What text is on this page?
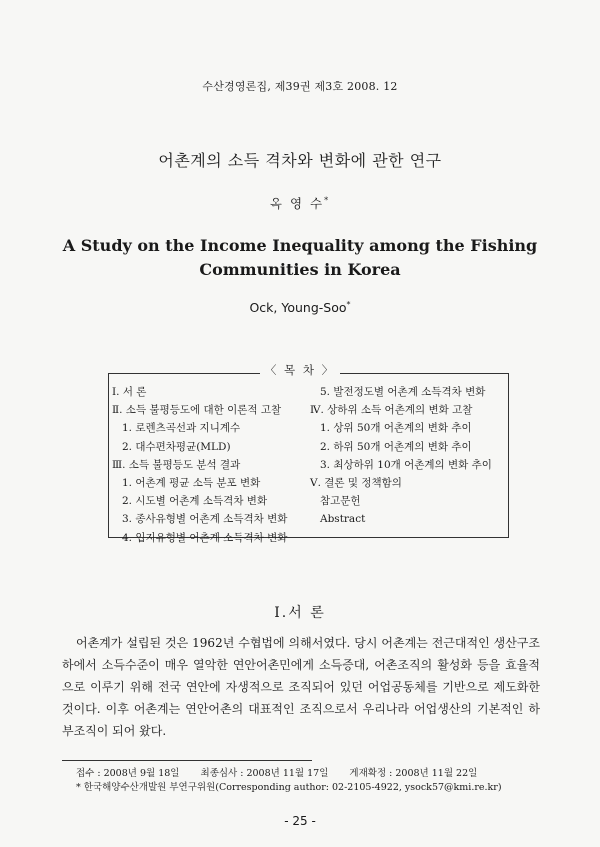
수산경영론집, 제39권 제3호 2008. 12
어촌계의 소득 격차와 변화에 관한 연구
옥 영 수*
A Study on the Income Inequality among the Fishing
Communities in Korea
Ock, Young-Soo*
〈 목 차 〉
Ⅰ. 서 론
Ⅱ. 소득 불평등도에 대한 이론적 고찰
1. 로렌츠곡선과 지니계수
2. 대수편차평균(MLD)
Ⅲ. 소득 불평등도 분석 결과
1. 어촌계 평균 소득 분포 변화
2. 시도별 어촌계 소득격차 변화
3. 종사유형별 어촌계 소득격차 변화
4. 입지유형별 어촌계 소득격차 변화
5. 발전정도별 어촌계 소득격차 변화
Ⅳ. 상하위 소득 어촌계의 변화 고찰
1. 상위 50개 어촌계의 변화 추이
2. 하위 50개 어촌계의 변화 추이
3. 최상하위 10개 어촌계의 변화 추이
Ⅴ. 결론 및 정책함의
참고문헌
Abstract
Ⅰ.서 론
어촌계가 설립된 것은 1962년 수협법에 의해서였다. 당시 어촌계는 전근대적인 생산구조 하에서 소득수준이 매우 열악한 연안어촌민에게 소득증대, 어촌조직의 활성화 등을 효율적으로 이루기 위해 전국 연안에 자생적으로 조직되어 있던 어업공동체를 기반으로 제도화한 것이다. 이후 어촌계는 연안어촌의 대표적인 조직으로서 우리나라 어업생산의 기본적인 하부조직이 되어 왔다.
접수 : 2008년 9월 18일 최종심사 : 2008년 11월 17일 게재확정 : 2008년 11월 22일
* 한국해양수산개발원 부연구위원(Corresponding author: 02-2105-4922, ysock57@kmi.re.kr)
- 25 -
